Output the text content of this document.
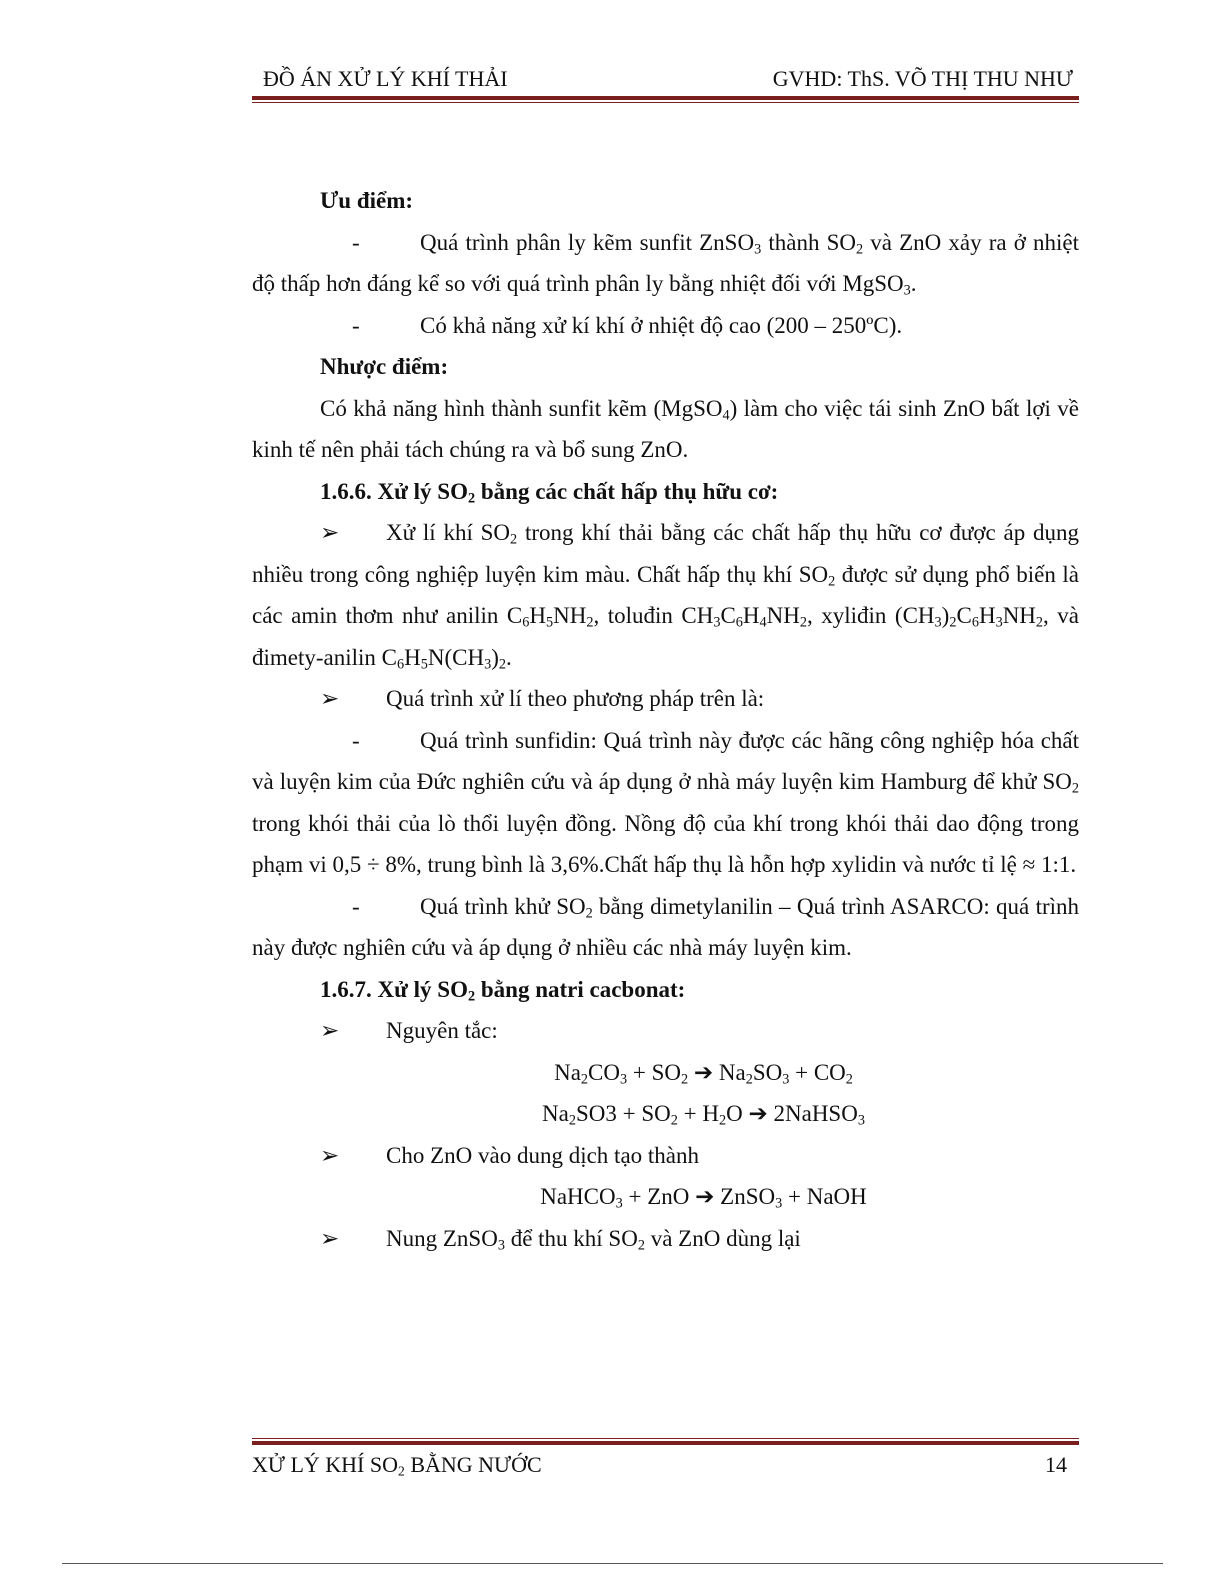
ĐỒ ÁN XỬ LÝ KHÍ THẢI	GVHD: ThS. VÕ THỊ THU NHƯ

Ưu điểm:

-	Quá trình phân ly kẽm sunfit ZnSO$_3$ thành $SO_2$ và ZnO xảy ra ở nhiệt độ thấp hơn đáng kể so với quá trình phân ly bằng nhiệt đối với MgSO$_3$.

-	Có khả năng xử kí khí ở nhiệt độ cao (200 – 250ºC).

Nhược điểm:

Có khả năng hình thành sunfit kẽm (MgSO$_4$) làm cho việc tái sinh ZnO bất lợi về kinh tế nên phải tách chúng ra và bổ sung ZnO.

1.6.6. Xử lý $SO_2$ bằng các chất hấp thụ hữu cơ:

➢ Xử lí khí $SO_2$ trong khí thải bằng các chất hấp thụ hữu cơ được áp dụng nhiều trong công nghiệp luyện kim màu. Chất hấp thụ khí $SO_2$ được sử dụng phổ biến là các amin thơm như anilin $C_6H_5NH_2$, toluđin $CH_3C_6H_4NH_2$, xyliđin $(CH_3)_2C_6H_3NH_2$, và đimety-anilin $C_6H_5N(CH_3)_2$.

➢ Quá trình xử lí theo phương pháp trên là:

-	Quá trình sunfidin: Quá trình này được các hãng công nghiệp hóa chất và luyện kim của Đức nghiên cứu và áp dụng ở nhà máy luyện kim Hamburg để khử $SO_2$ trong khói thải của lò thổi luyện đồng. Nồng độ của khí trong khói thải dao động trong phạm vi 0,5 ÷ 8%, trung bình là 3,6%.Chất hấp thụ là hỗn hợp xylidin và nước tỉ lệ ≈ 1:1.

-	Quá trình khử $SO_2$ bằng dimetylanilin – Quá trình ASARCO: quá trình này được nghiên cứu và áp dụng ở nhiều các nhà máy luyện kim.

1.6.7. Xử lý $SO_2$ bằng natri cacbonat:

➢ Nguyên tắc:

$Na_2CO_3 + SO_2$ ➔ $Na_2SO_3 + CO_2$

$Na_2SO3 + SO_2 + H_2O$ ➔ 2NaHSO$_3$

➢ Cho ZnO vào dung dịch tạo thành

NaHCO$_3$ + ZnO ➔ ZnSO$_3$ + NaOH

➢ Nung ZnSO$_3$ để thu khí $SO_2$ và ZnO dùng lại

XỬ LÝ KHÍ $SO_2$ BẰNG NƯỚC	14
